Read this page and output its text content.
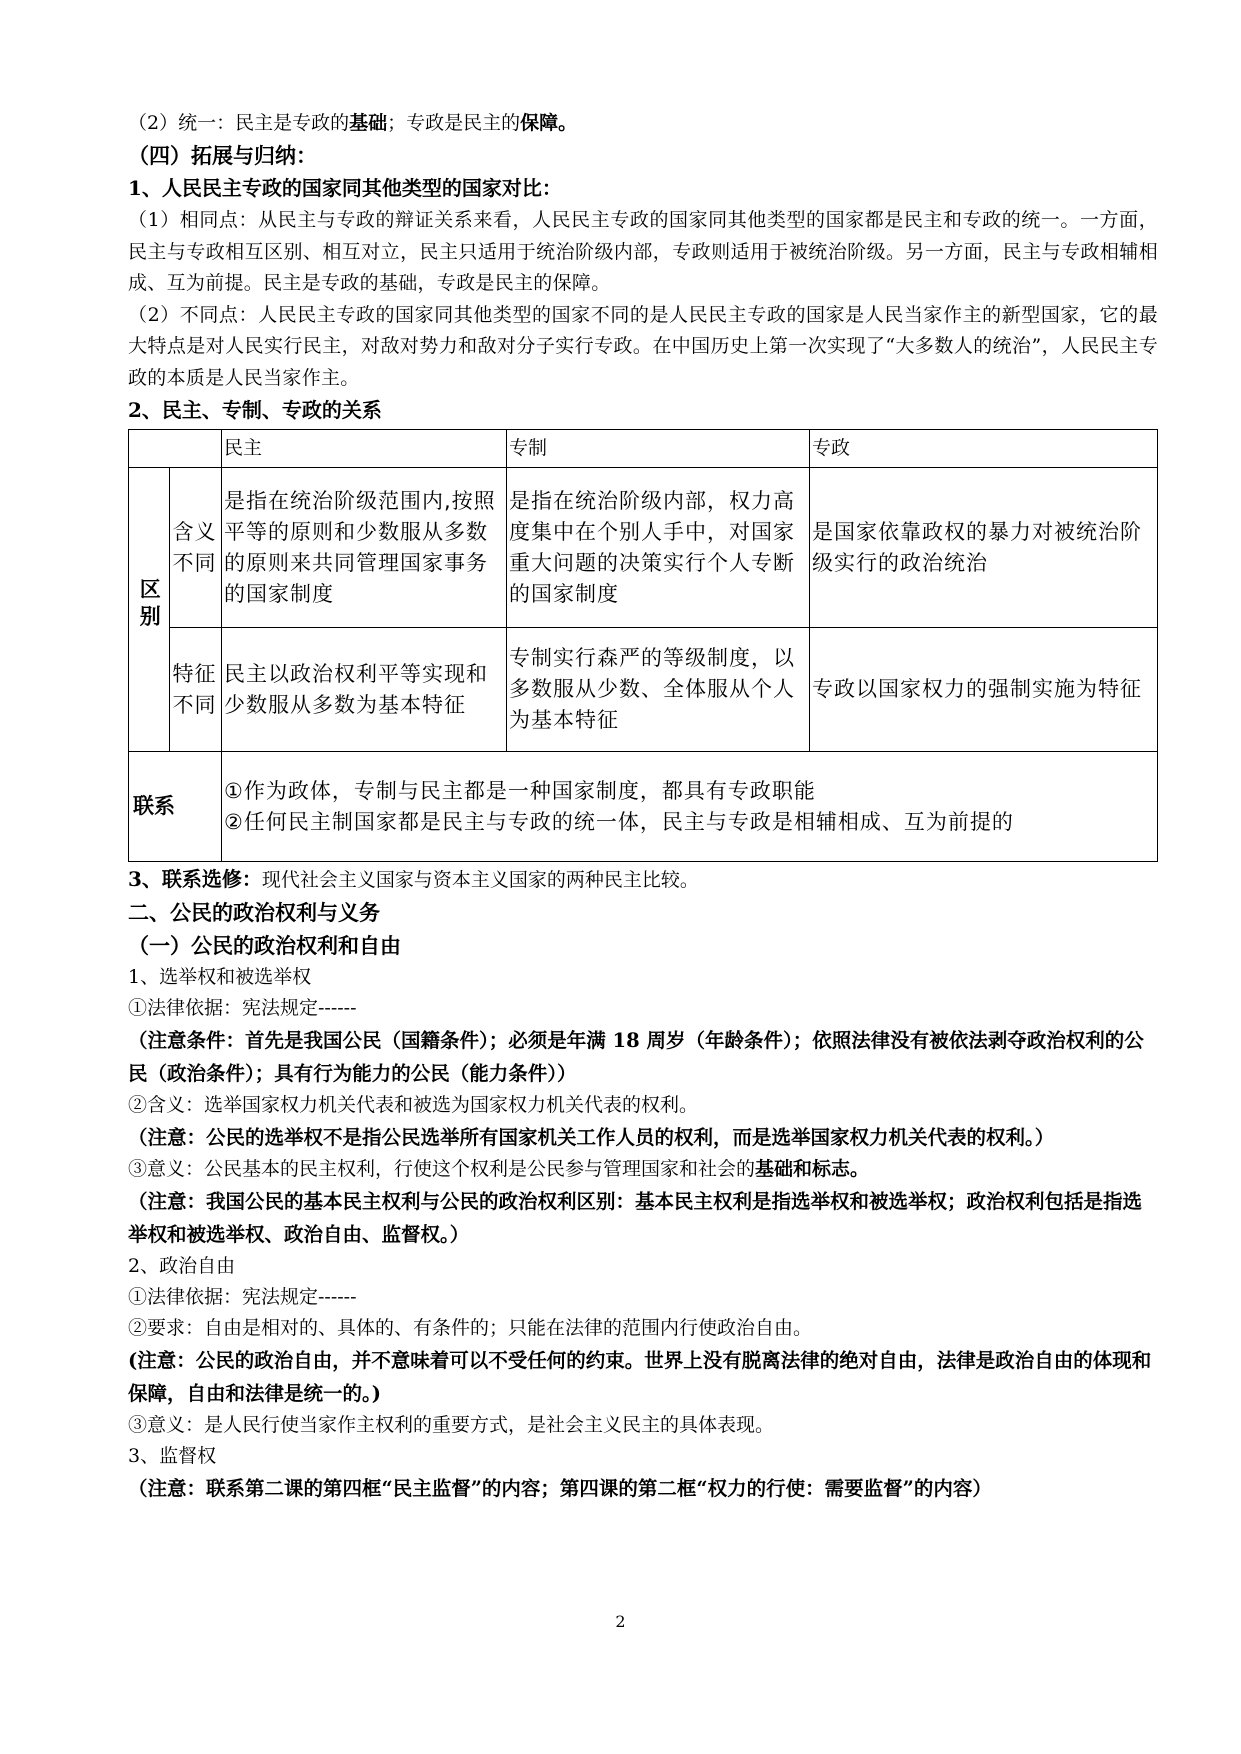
（2）统一：民主是专政的基础；专政是民主的保障。

（四）拓展与归纳：

1、人民民主专政的国家同其他类型的国家对比：

（1）相同点：从民主与专政的辩证关系来看，人民民主专政的国家同其他类型的国家都是民主和专政的统一。一方面，民主与专政相互区别、相互对立，民主只适用于统治阶级内部，专政则适用于被统治阶级。另一方面，民主与专政相辅相成、互为前提。民主是专政的基础，专政是民主的保障。

（2）不同点：人民民主专政的国家同其他类型的国家不同的是人民民主专政的国家是人民当家作主的新型国家，它的最大特点是对人民实行民主，对敌对势力和敌对分子实行专政。在中国历史上第一次实现了“大多数人的统治”，人民民主专政的本质是人民当家作主。

2、民主、专制、专政的关系

		民主	专制	专政
区别	含义不同	是指在统治阶级范围内,按照平等的原则和少数服从多数的原则来共同管理国家事务的国家制度	是指在统治阶级内部，权力高度集中在个别人手中，对国家重大问题的决策实行个人专断的国家制度	是国家依靠政权的暴力对被统治阶级实行的政治统治
	特征不同	民主以政治权利平等实现和少数服从多数为基本特征	专制实行森严的等级制度，以多数服从少数、全体服从个人为基本特征	专政以国家权力的强制实施为特征
联系		①作为政体，专制与民主都是一种国家制度，都具有专政职能
②任何民主制国家都是民主与专政的统一体，民主与专政是相辅相成、互为前提的		

3、联系选修：现代社会主义国家与资本主义国家的两种民主比较。

二、公民的政治权利与义务

（一）公民的政治权利和自由

1、选举权和被选举权

①法律依据：宪法规定------

（注意条件：首先是我国公民（国籍条件）；必须是年满 18 周岁（年龄条件）；依照法律没有被依法剥夺政治权利的公民（政治条件）；具有行为能力的公民（能力条件））

②含义：选举国家权力机关代表和被选为国家权力机关代表的权利。

（注意：公民的选举权不是指公民选举所有国家机关工作人员的权利，而是选举国家权力机关代表的权利。）

③意义：公民基本的民主权利，行使这个权利是公民参与管理国家和社会的基础和标志。

（注意：我国公民的基本民主权利与公民的政治权利区别：基本民主权利是指选举权和被选举权；政治权利包括是指选举权和被选举权、政治自由、监督权。）

2、政治自由

①法律依据：宪法规定------

②要求：自由是相对的、具体的、有条件的；只能在法律的范围内行使政治自由。

(注意：公民的政治自由，并不意味着可以不受任何的约束。世界上没有脱离法律的绝对自由，法律是政治自由的体现和保障，自由和法律是统一的。)

③意义：是人民行使当家作主权利的重要方式，是社会主义民主的具体表现。

3、监督权

（注意：联系第二课的第四框“民主监督”的内容；第四课的第二框“权力的行使：需要监督”的内容）

2
